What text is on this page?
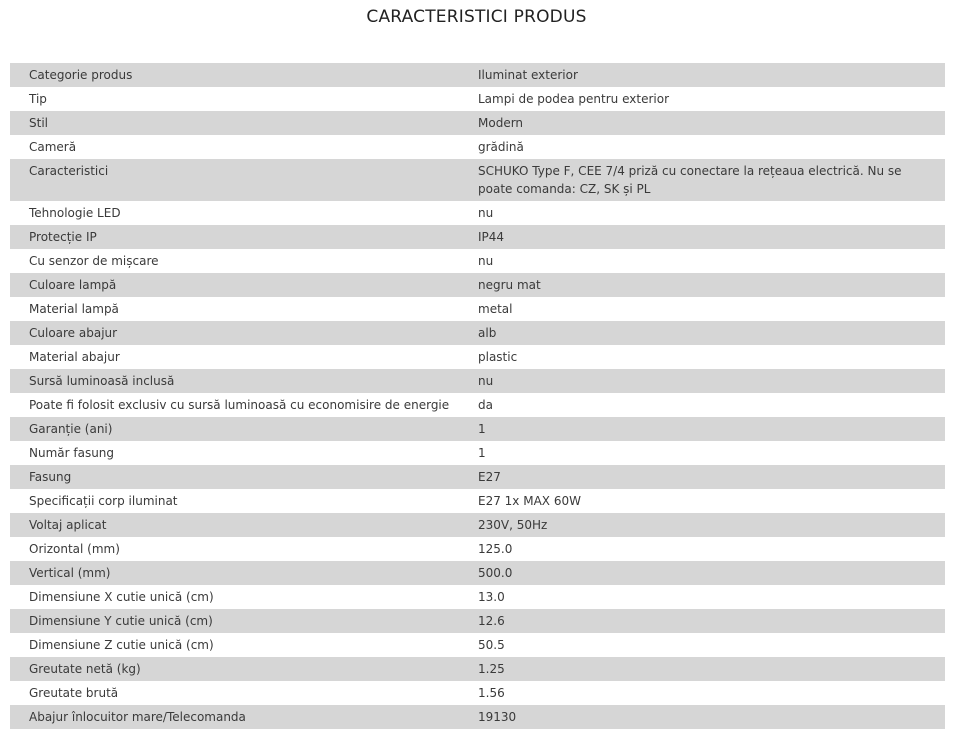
CARACTERISTICI PRODUS
Categorie produs	Iluminat exterior
Tip	Lampi de podea pentru exterior
Stil	Modern
Cameră	grădină
Caracteristici	SCHUKO Type F, CEE 7/4 priză cu conectare la rețeaua electrică. Nu se poate comanda: CZ, SK și PL
Tehnologie LED	nu
Protecție IP	IP44
Cu senzor de mișcare	nu
Culoare lampă	negru mat
Material lampă	metal
Culoare abajur	alb
Material abajur	plastic
Sursă luminoasă inclusă	nu
Poate fi folosit exclusiv cu sursă luminoasă cu economisire de energie	da
Garanție (ani)	1
Număr fasung	1
Fasung	E27
Specificații corp iluminat	E27 1x MAX 60W
Voltaj aplicat	230V, 50Hz
Orizontal (mm)	125.0
Vertical (mm)	500.0
Dimensiune X cutie unică (cm)	13.0
Dimensiune Y cutie unică (cm)	12.6
Dimensiune Z cutie unică (cm)	50.5
Greutate netă (kg)	1.25
Greutate brută	1.56
Abajur înlocuitor mare/Telecomanda	19130
